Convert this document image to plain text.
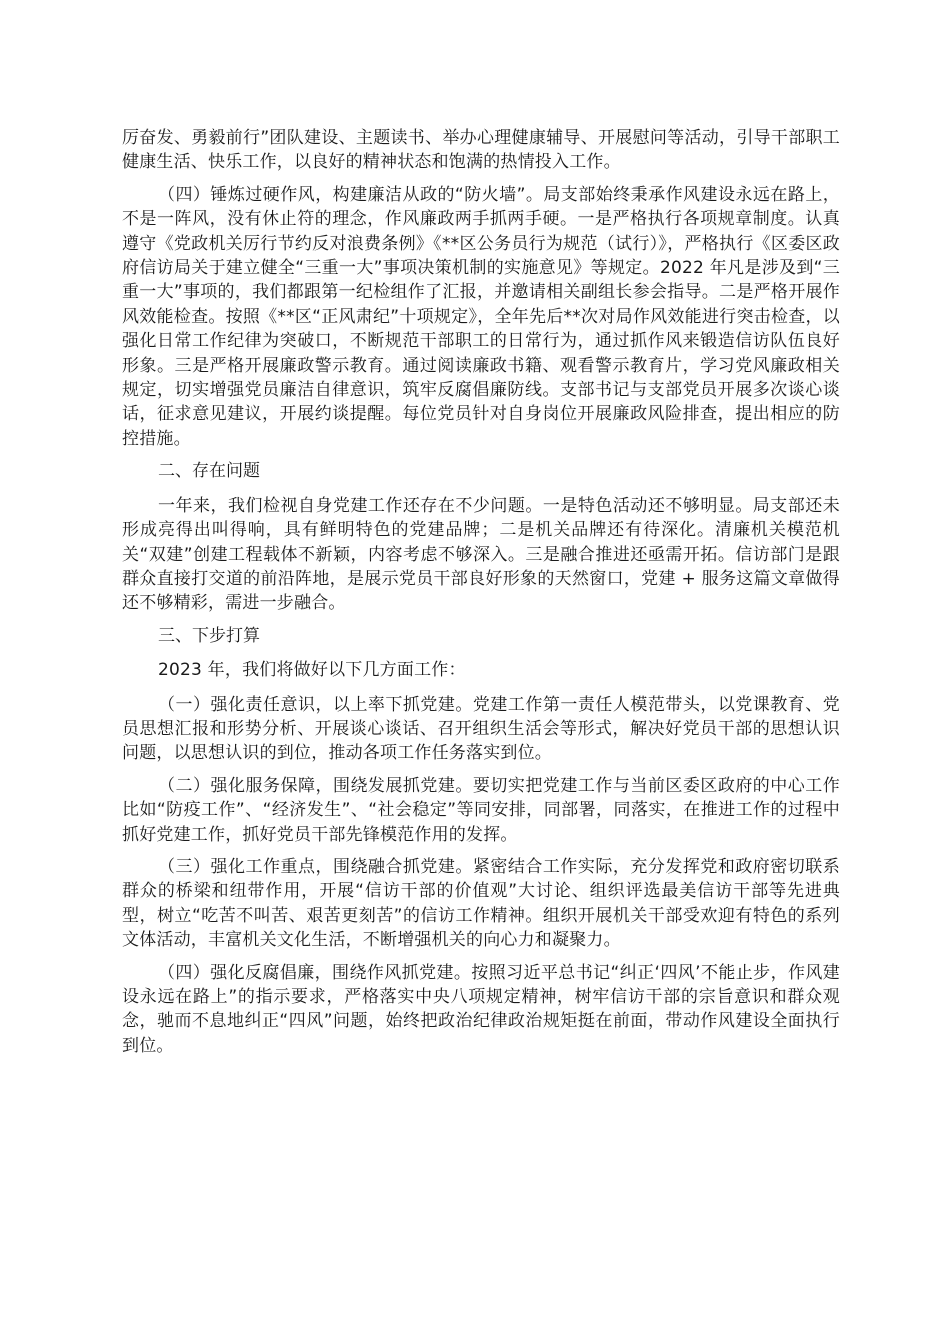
厉奋发、勇毅前行”团队建设、主题读书、举办心理健康辅导、开展慰问等活动，引导干部职工健康生活、快乐工作，以良好的精神状态和饱满的热情投入工作。

（四）锤炼过硬作风，构建廉洁从政的“防火墙”。局支部始终秉承作风建设永远在路上，不是一阵风，没有休止符的理念，作风廉政两手抓两手硬。一是严格执行各项规章制度。认真遵守《党政机关厉行节约反对浪费条例》《**区公务员行为规范（试行）》，严格执行《区委区政府信访局关于建立健全“三重一大”事项决策机制的实施意见》等规定。2022 年凡是涉及到“三重一大”事项的，我们都跟第一纪检组作了汇报，并邀请相关副组长参会指导。二是严格开展作风效能检查。按照《**区“正风肃纪”十项规定》，全年先后**次对局作风效能进行突击检查，以强化日常工作纪律为突破口，不断规范干部职工的日常行为，通过抓作风来锻造信访队伍良好形象。三是严格开展廉政警示教育。通过阅读廉政书籍、观看警示教育片，学习党风廉政相关规定，切实增强党员廉洁自律意识，筑牢反腐倡廉防线。支部书记与支部党员开展多次谈心谈话，征求意见建议，开展约谈提醒。每位党员针对自身岗位开展廉政风险排查，提出相应的防控措施。

二、存在问题

一年来，我们检视自身党建工作还存在不少问题。一是特色活动还不够明显。局支部还未形成亮得出叫得响，具有鲜明特色的党建品牌；二是机关品牌还有待深化。清廉机关模范机关“双建”创建工程载体不新颖，内容考虑不够深入。三是融合推进还亟需开拓。信访部门是跟群众直接打交道的前沿阵地，是展示党员干部良好形象的天然窗口，党建 + 服务这篇文章做得还不够精彩，需进一步融合。

三、下步打算

2023 年，我们将做好以下几方面工作：

（一）强化责任意识，以上率下抓党建。党建工作第一责任人模范带头，以党课教育、党员思想汇报和形势分析、开展谈心谈话、召开组织生活会等形式，解决好党员干部的思想认识问题，以思想认识的到位，推动各项工作任务落实到位。

（二）强化服务保障，围绕发展抓党建。要切实把党建工作与当前区委区政府的中心工作比如“防疫工作”、“经济发生”、“社会稳定”等同安排，同部署，同落实，在推进工作的过程中抓好党建工作，抓好党员干部先锋模范作用的发挥。

（三）强化工作重点，围绕融合抓党建。紧密结合工作实际，充分发挥党和政府密切联系群众的桥梁和纽带作用，开展“信访干部的价值观”大讨论、组织评选最美信访干部等先进典型，树立“吃苦不叫苦、艰苦更刻苦”的信访工作精神。组织开展机关干部受欢迎有特色的系列文体活动，丰富机关文化生活，不断增强机关的向心力和凝聚力。

（四）强化反腐倡廉，围绕作风抓党建。按照习近平总书记“纠正‘四风’不能止步，作风建设永远在路上”的指示要求，严格落实中央八项规定精神，树牢信访干部的宗旨意识和群众观念，驰而不息地纠正“四风”问题，始终把政治纪律政治规矩挺在前面，带动作风建设全面执行到位。
